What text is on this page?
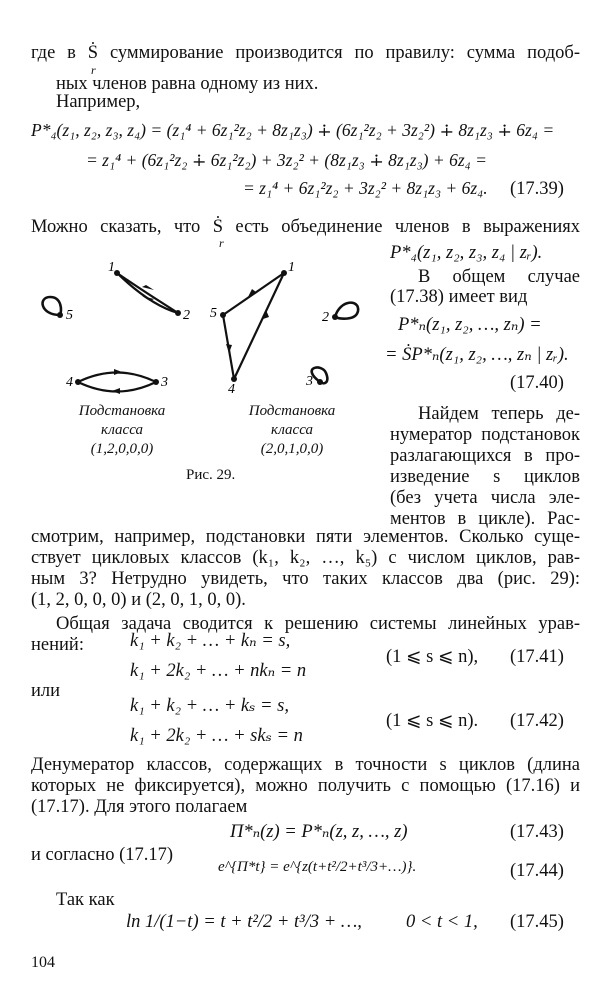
где в Ṡ суммирование производится по правилу: сумма подоб-
r
ных членов равна одному из них.
Например,
P*₄(z₁, z₂, z₃, z₄) = (z₁⁴ + 6z₁²z₂ + 8z₁z₃) ∔ (6z₁²z₂ + 3z₂²) ∔ 8z₁z₃ ∔ 6z₄ =
= z₁⁴ + (6z₁²z₂ ∔ 6z₁²z₂) + 3z₂² + (8z₁z₃ ∔ 8z₁z₃) + 6z₄ =
= z₁⁴ + 6z₁²z₂ + 3z₂² + 8z₁z₃ + 6z₄. (17.39)
Можно сказать, что Ṡ есть объединение членов в выражениях
r	P*₄(z₁, z₂, z₃, z₄ | zᵣ).
В общем случае
(17.38) имеет вид
P*ₙ(z₁, z₂, …, zₙ) =
= ṠP*ₙ(z₁, z₂, …, zₙ | zᵣ).
(17.40)
Найдем теперь де-
нумератор подстановок
разлагающихся в про-
изведение s циклов
(без учета числа эле-
ментов в цикле). Рас-
1
2
5
4	3
1
5
4
2
3
Подстановка
класса
(1,2,0,0,0)
Подстановка
класса
(2,0,1,0,0)
Рис. 29.
смотрим, например, подстановки пяти элементов. Сколько суще-
ствует цикловых классов (k₁, k₂, …, k₅) с числом циклов, рав-
ным 3? Нетрудно увидеть, что таких классов два (рис. 29):
(1, 2, 0, 0, 0) и (2, 0, 1, 0, 0).
Общая задача сводится к решению системы линейных урав-
нений: k₁ + k₂ + … + kₙ = s,
k₁ + 2k₂ + … + nkₙ = n
(1 ⩽ s ⩽ n), (17.41)
или
k₁ + k₂ + … + kₛ = s,
k₁ + 2k₂ + … + skₛ = n
(1 ⩽ s ⩽ n). (17.42)
Денумератор классов, содержащих в точности s циклов (длина
которых не фиксируется), можно получить с помощью (17.16) и
(17.17). Для этого полагаем
Π*ₙ(z) = P*ₙ(z, z, …, z)	(17.43)
и согласно (17.17)
e^{Π*t} = e^{z(t+t²/2+t³/3+…)}.	(17.44)
Так как
ln 1/(1−t) = t + t²/2 + t³/3 + …, 0 < t < 1, (17.45)
104
